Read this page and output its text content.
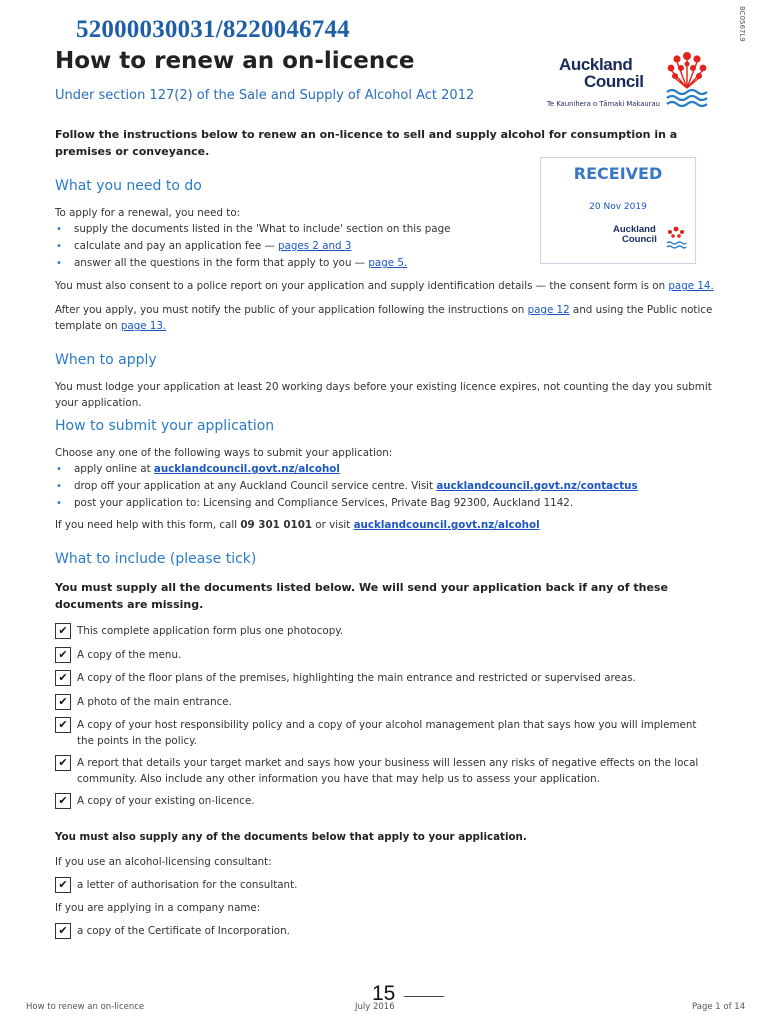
52000030031/8220046744	BC0567L9
How to renew an on-licence
Under section 127(2) of the Sale and Supply of Alcohol Act 2012
Auckland
Council
Te Kaunihera o Tāmaki Makaurau
Follow the instructions below to renew an on-licence to sell and supply alcohol for consumption in a premises or conveyance.
RECEIVED
20 Nov 2019
Auckland
Council
What you need to do
To apply for a renewal, you need to:
• supply the documents listed in the 'What to include' section on this page
• calculate and pay an application fee — pages 2 and 3
• answer all the questions in the form that apply to you — page 5.
You must also consent to a police report on your application and supply identification details — the consent form is on page 14.
After you apply, you must notify the public of your application following the instructions on page 12 and using the Public notice template on page 13.
When to apply
You must lodge your application at least 20 working days before your existing licence expires, not counting the day you submit your application.
How to submit your application
Choose any one of the following ways to submit your application:
• apply online at aucklandcouncil.govt.nz/alcohol
• drop off your application at any Auckland Council service centre. Visit aucklandcouncil.govt.nz/contactus
• post your application to: Licensing and Compliance Services, Private Bag 92300, Auckland 1142.
If you need help with this form, call 09 301 0101 or visit aucklandcouncil.govt.nz/alcohol
What to include (please tick)
You must supply all the documents listed below. We will send your application back if any of these documents are missing.
✔ This complete application form plus one photocopy.
✔ A copy of the menu.
✔ A copy of the floor plans of the premises, highlighting the main entrance and restricted or supervised areas.
✔ A photo of the main entrance.
✔ A copy of your host responsibility policy and a copy of your alcohol management plan that says how you will implement the points in the policy.
✔ A report that details your target market and says how your business will lessen any risks of negative effects on the local community. Also include any other information you have that may help us to assess your application.
✔ A copy of your existing on-licence.
You must also supply any of the documents below that apply to your application.
If you use an alcohol-licensing consultant:
✔ a letter of authorisation for the consultant.
If you are applying in a company name:
✔ a copy of the Certificate of Incorporation.
15
How to renew an on-licence	July 2016	Page 1 of 14
